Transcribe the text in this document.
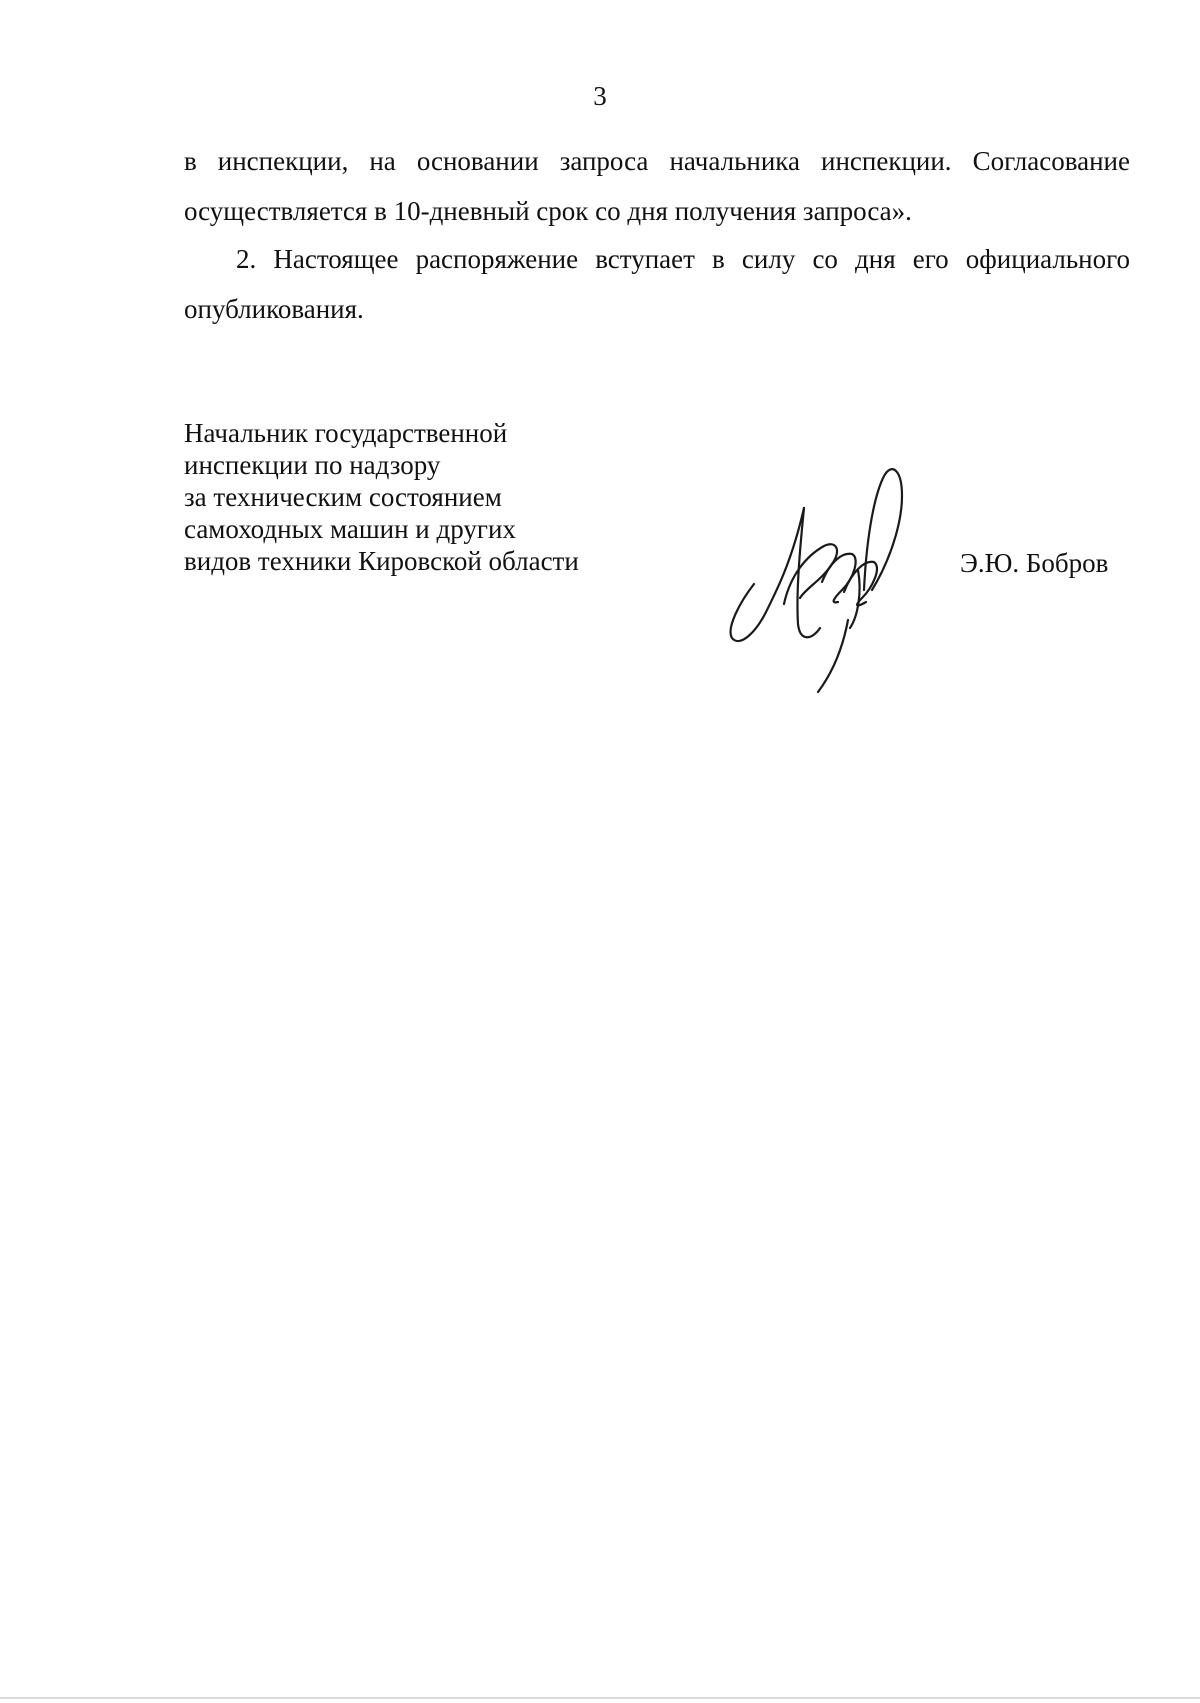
3
в инспекции, на основании запроса начальника инспекции. Согласование
осуществляется в 10-дневный срок со дня получения запроса».
2. Настоящее распоряжение вступает в силу со дня его официального
опубликования.
Начальник государственной
инспекции по надзору
за техническим состоянием
самоходных машин и других
видов техники Кировской области	Э.Ю. Бобров
